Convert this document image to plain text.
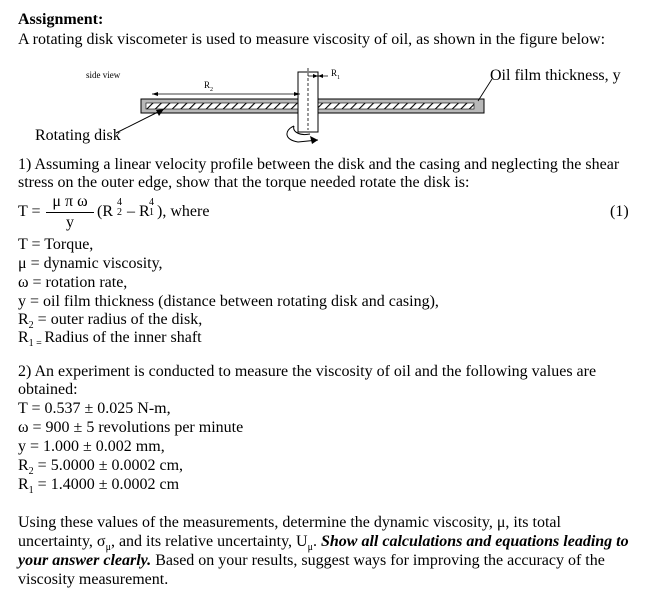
Assignment:
A rotating disk viscometer is used to measure viscosity of oil, as shown in the figure below:
side view
$R_2$
$R_1$	Oil film thickness, y
Rotating disk
1) Assuming a linear velocity profile between the disk and the casing and neglecting the shear
stress on the outer edge, show that the torque needed rotate the disk is:
T =
μ π ω
y
(R
4
2 – R
4
1 ), where	(1)
T = Torque,
μ = dynamic viscosity,
ω = rotation rate,
y = oil film thickness (distance between rotating disk and casing),
$R_2$ = outer radius of the disk,
$R_{1 =}$ Radius of the inner shaft
2) An experiment is conducted to measure the viscosity of oil and the following values are
obtained:
T = 0.537 ± 0.025 N-m,
ω = 900 ± 5 revolutions per minute
y = 1.000 ± 0.002 mm,
$R_2 = 5.0000 \pm 0.0002$ cm,
$R_1 = 1.4000 \pm 0.0002$ cm
Using these values of the measurements, determine the dynamic viscosity, μ, its total
uncertainty, $\sigma_\mu$, and its relative uncertainty, $U_\mu$. Show all calculations and equations leading to
your answer clearly. Based on your results, suggest ways for improving the accuracy of the
viscosity measurement.
